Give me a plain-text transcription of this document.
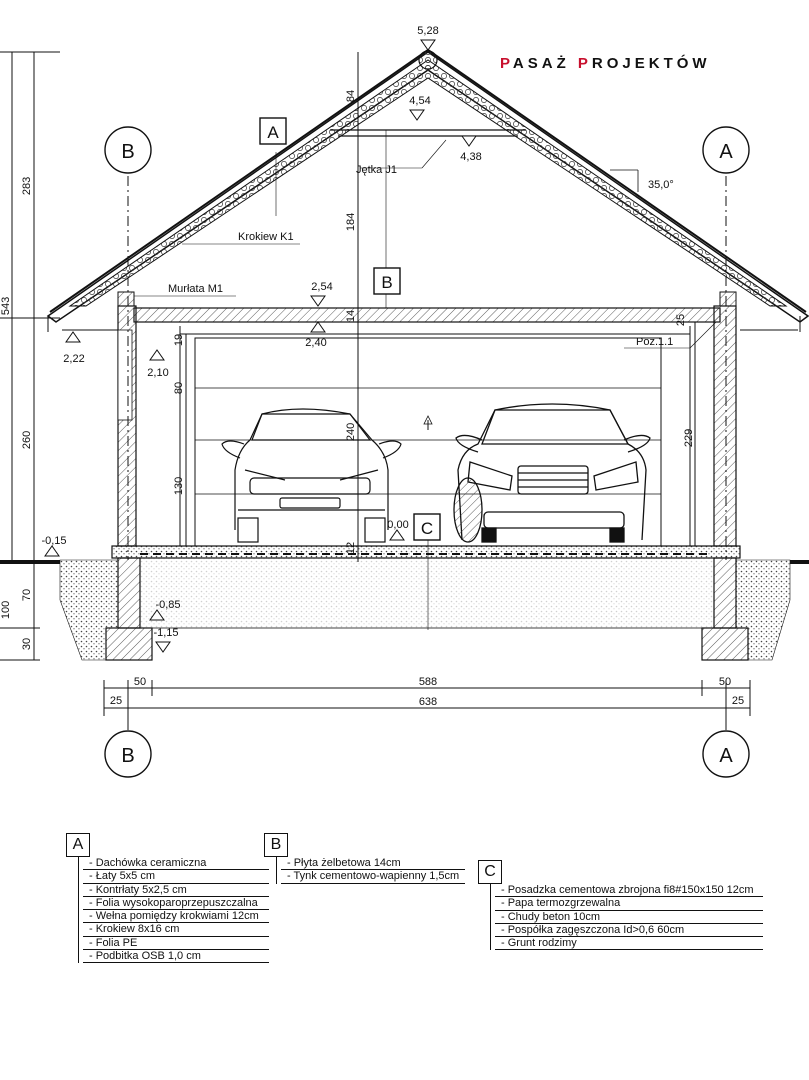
PASAŻ PROJEKTÓW
B	A
B	A
A
B
C
Jętka J1
Krokiew K1
Murłata M1
Poz.1.1
35,0°
5,28
4,54
4,38
2,54
2,40
2,22
2,10
0,00
-0,15
-0,85
-1,15
543
283
260
100
70
30
84
184
14
240
12
19
80
130
25
229
50	50
588
25	25
638
A
- Dachówka ceramiczna
- Łaty 5x5 cm
- Kontrłaty 5x2,5 cm
- Folia wysokoparoprzepuszczalna
- Wełna pomiędzy krokwiami 12cm
- Krokiew 8x16 cm
- Folia PE
- Podbitka OSB 1,0 cm
B
- Płyta żelbetowa 14cm
- Tynk cementowo-wapienny 1,5cm	C
- Posadzka cementowa zbrojona fi8#150x150 12cm
- Papa termozgrzewalna
- Chudy beton 10cm
- Pospółka zagęszczona Id>0,6 60cm
- Grunt rodzimy
